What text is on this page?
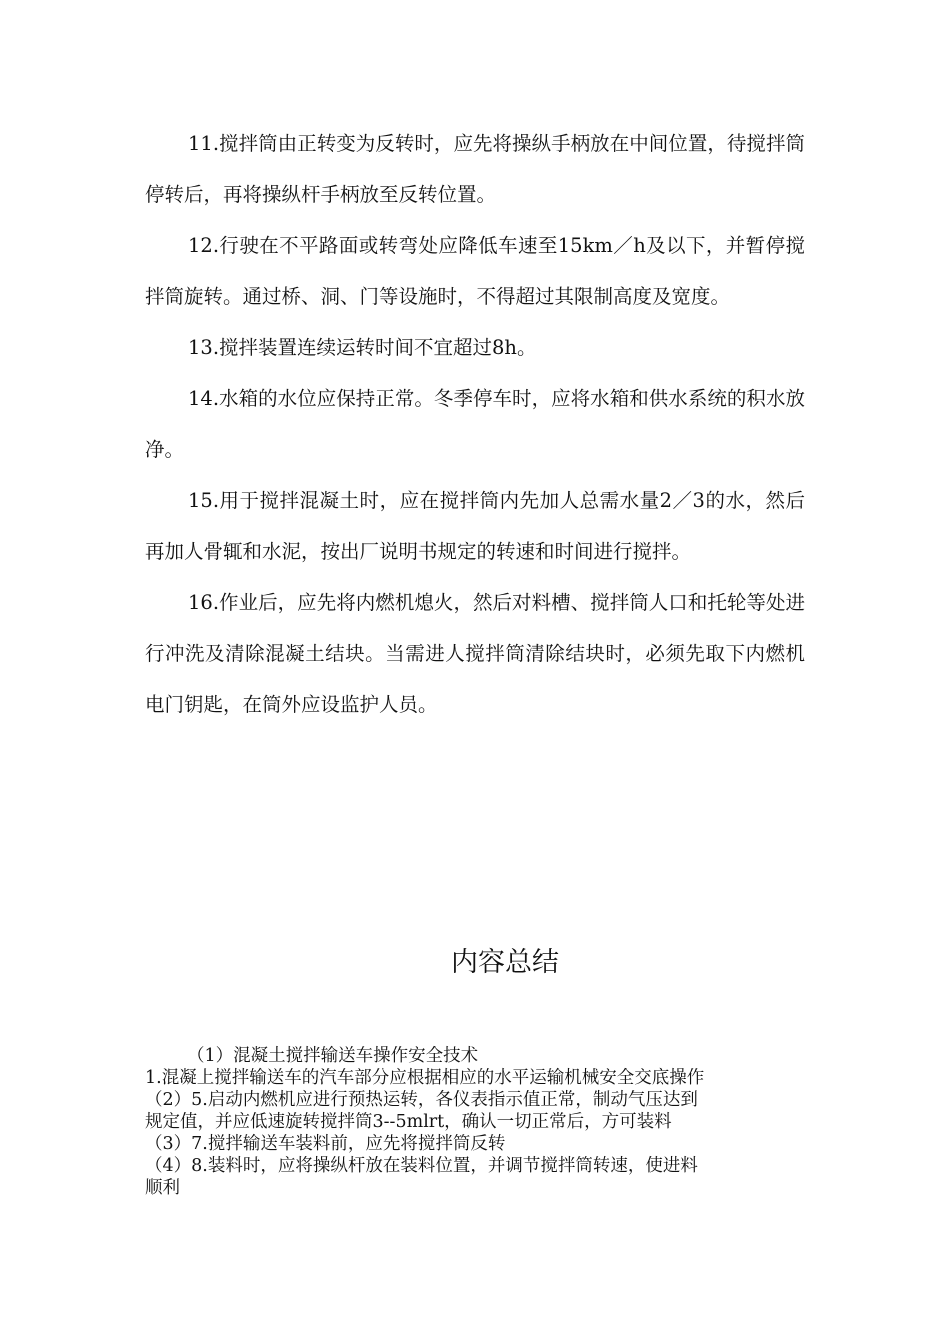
11.搅拌筒由正转变为反转时，应先将操纵手柄放在中间位置，待搅拌筒停转后，再将操纵杆手柄放至反转位置。

12.行驶在不平路面或转弯处应降低车速至15km／h及以下，并暂停搅拌筒旋转。通过桥、洞、门等设施时，不得超过其限制高度及宽度。

13.搅拌装置连续运转时间不宜超过8h。

14.水箱的水位应保持正常。冬季停车时，应将水箱和供水系统的积水放净。

15.用于搅拌混凝土时，应在搅拌筒内先加人总需水量2／3的水，然后再加人骨辄和水泥，按出厂说明书规定的转速和时间进行搅拌。

16.作业后，应先将内燃机熄火，然后对料槽、搅拌筒人口和托轮等处进行冲洗及清除混凝土结块。当需进人搅拌筒清除结块时，必须先取下内燃机电门钥匙，在筒外应设监护人员。

内容总结

（1）混凝土搅拌输送车操作安全技术

1.混凝上搅拌输送车的汽车部分应根据相应的水平运输机械安全交底操作

（2）5.启动内燃机应进行预热运转，各仪表指示值正常，制动气压达到

规定值，并应低速旋转搅拌筒3--5mlrt，确认一切正常后，方可装料

（3）7.搅拌输送车装料前，应先将搅拌筒反转

（4）8.装料时，应将操纵杆放在装料位置，并调节搅拌筒转速，使进料

顺利
